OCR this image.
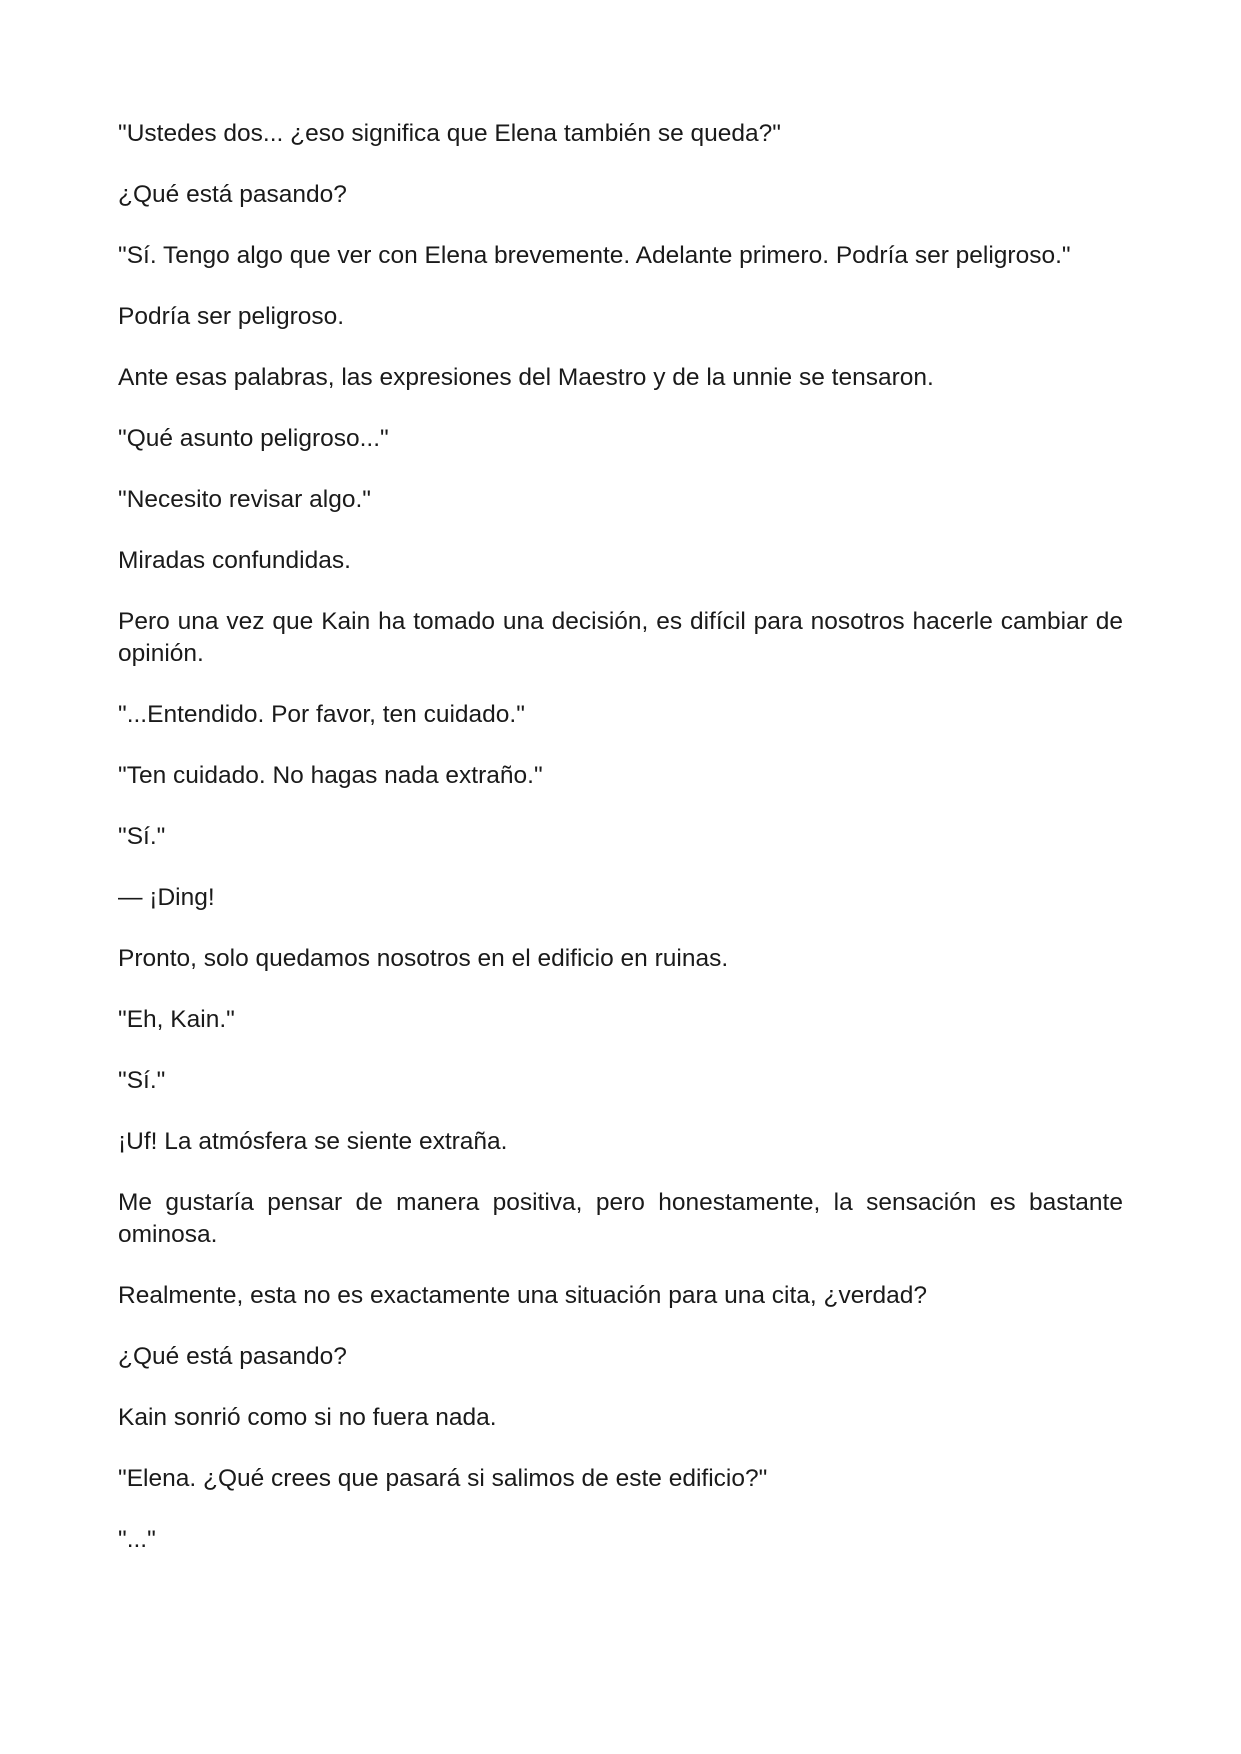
"Ustedes dos... ¿eso significa que Elena también se queda?"

¿Qué está pasando?

"Sí. Tengo algo que ver con Elena brevemente. Adelante primero. Podría ser peligroso."

Podría ser peligroso.

Ante esas palabras, las expresiones del Maestro y de la unnie se tensaron.

"Qué asunto peligroso..."

"Necesito revisar algo."

Miradas confundidas.

Pero una vez que Kain ha tomado una decisión, es difícil para nosotros hacerle cambiar de opinión.

"...Entendido. Por favor, ten cuidado."

"Ten cuidado. No hagas nada extraño."

"Sí."

— ¡Ding!

Pronto, solo quedamos nosotros en el edificio en ruinas.

"Eh, Kain."

"Sí."

¡Uf! La atmósfera se siente extraña.

Me gustaría pensar de manera positiva, pero honestamente, la sensación es bastante ominosa.

Realmente, esta no es exactamente una situación para una cita, ¿verdad?

¿Qué está pasando?

Kain sonrió como si no fuera nada.

"Elena. ¿Qué crees que pasará si salimos de este edificio?"

"..."
